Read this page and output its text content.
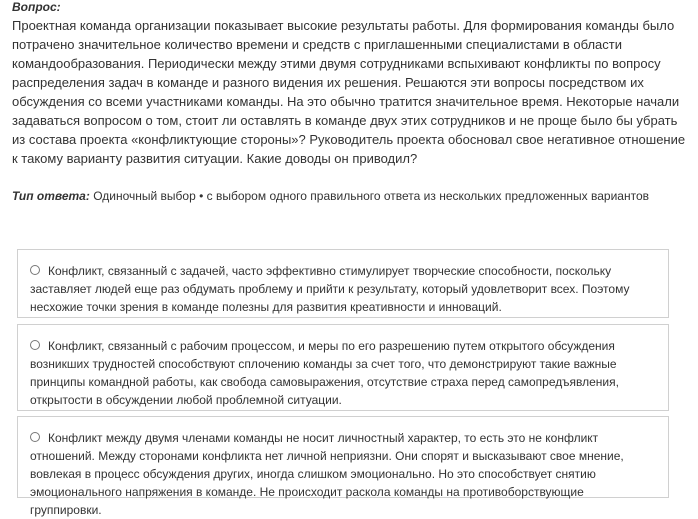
Вопрос:
Проектная команда организации показывает высокие результаты работы. Для формирования команды было потрачено значительное количество времени и средств с приглашенными специалистами в области командообразования. Периодически между этими двумя сотрудниками вспыхивают конфликты по вопросу распределения задач в команде и разного видения их решения. Решаются эти вопросы посредством их обсуждения со всеми участниками команды. На это обычно тратится значительное время. Некоторые начали задаваться вопросом о том, стоит ли оставлять в команде двух этих сотрудников и не проще было бы убрать из состава проекта «конфликтующие стороны»? Руководитель проекта обосновал свое негативное отношение к такому варианту развития ситуации. Какие доводы он приводил?
Тип ответа: Одиночный выбор • с выбором одного правильного ответа из нескольких предложенных вариантов
Конфликт, связанный с задачей, часто эффективно стимулирует творческие способности, поскольку заставляет людей еще раз обдумать проблему и прийти к результату, который удовлетворит всех. Поэтому несхожие точки зрения в команде полезны для развития креативности и инноваций.
Конфликт, связанный с рабочим процессом, и меры по его разрешению путем открытого обсуждения возникших трудностей способствуют сплочению команды за счет того, что демонстрируют такие важные принципы командной работы, как свобода самовыражения, отсутствие страха перед самопредъявления, открытости в обсуждении любой проблемной ситуации.
Конфликт между двумя членами команды не носит личностный характер, то есть это не конфликт отношений. Между сторонами конфликта нет личной неприязни. Они спорят и высказывают свое мнение, вовлекая в процесс обсуждения других, иногда слишком эмоционально. Но это способствует снятию эмоционального напряжения в команде. Не происходит раскола команды на противоборствующие группировки.
